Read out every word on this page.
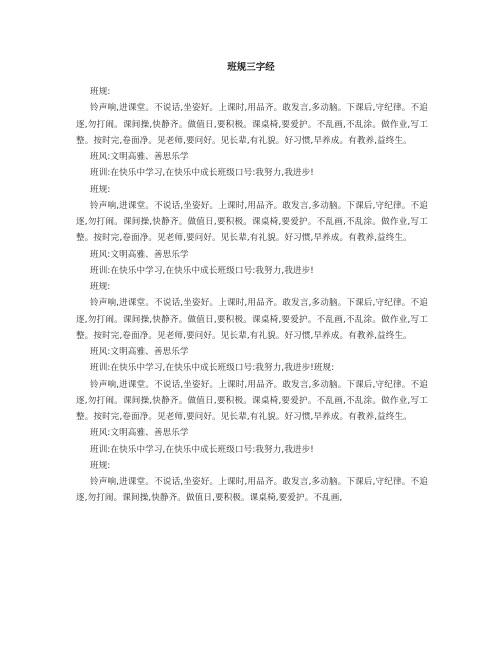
班规三字经

班规:

铃声响,进课堂。不说话,坐姿好。上课时,用品齐。敢发言,多动脑。下课后,守纪律。不追逐,勿打闹。课间操,快静齐。做值日,要积极。课桌椅,要爱护。不乱画,不乱涂。做作业,写工整。按时完,卷面净。见老师,要问好。见长辈,有礼貌。好习惯,早养成。有教养,益终生。

班风:文明高雅、善思乐学

班训:在快乐中学习,在快乐中成长班级口号:我努力,我进步!

班规:

铃声响,进课堂。不说话,坐姿好。上课时,用品齐。敢发言,多动脑。下课后,守纪律。不追逐,勿打闹。课间操,快静齐。做值日,要积极。课桌椅,要爱护。不乱画,不乱涂。做作业,写工整。按时完,卷面净。见老师,要问好。见长辈,有礼貌。好习惯,早养成。有教养,益终生。

班风:文明高雅、善思乐学

班训:在快乐中学习,在快乐中成长班级口号:我努力,我进步!

班规:

铃声响,进课堂。不说话,坐姿好。上课时,用品齐。敢发言,多动脑。下课后,守纪律。不追逐,勿打闹。课间操,快静齐。做值日,要积极。课桌椅,要爱护。不乱画,不乱涂。做作业,写工整。按时完,卷面净。见老师,要问好。见长辈,有礼貌。好习惯,早养成。有教养,益终生。

班风:文明高雅、善思乐学

班训:在快乐中学习,在快乐中成长班级口号:我努力,我进步!班规:

铃声响,进课堂。不说话,坐姿好。上课时,用品齐。敢发言,多动脑。下课后,守纪律。不追逐,勿打闹。课间操,快静齐。做值日,要积极。课桌椅,要爱护。不乱画,不乱涂。做作业,写工整。按时完,卷面净。见老师,要问好。见长辈,有礼貌。好习惯,早养成。有教养,益终生。

班风:文明高雅、善思乐学

班训:在快乐中学习,在快乐中成长班级口号:我努力,我进步!

班规:

铃声响,进课堂。不说话,坐姿好。上课时,用品齐。敢发言,多动脑。下课后,守纪律。不追逐,勿打闹。课间操,快静齐。做值日,要积极。课桌椅,要爱护。不乱画,
